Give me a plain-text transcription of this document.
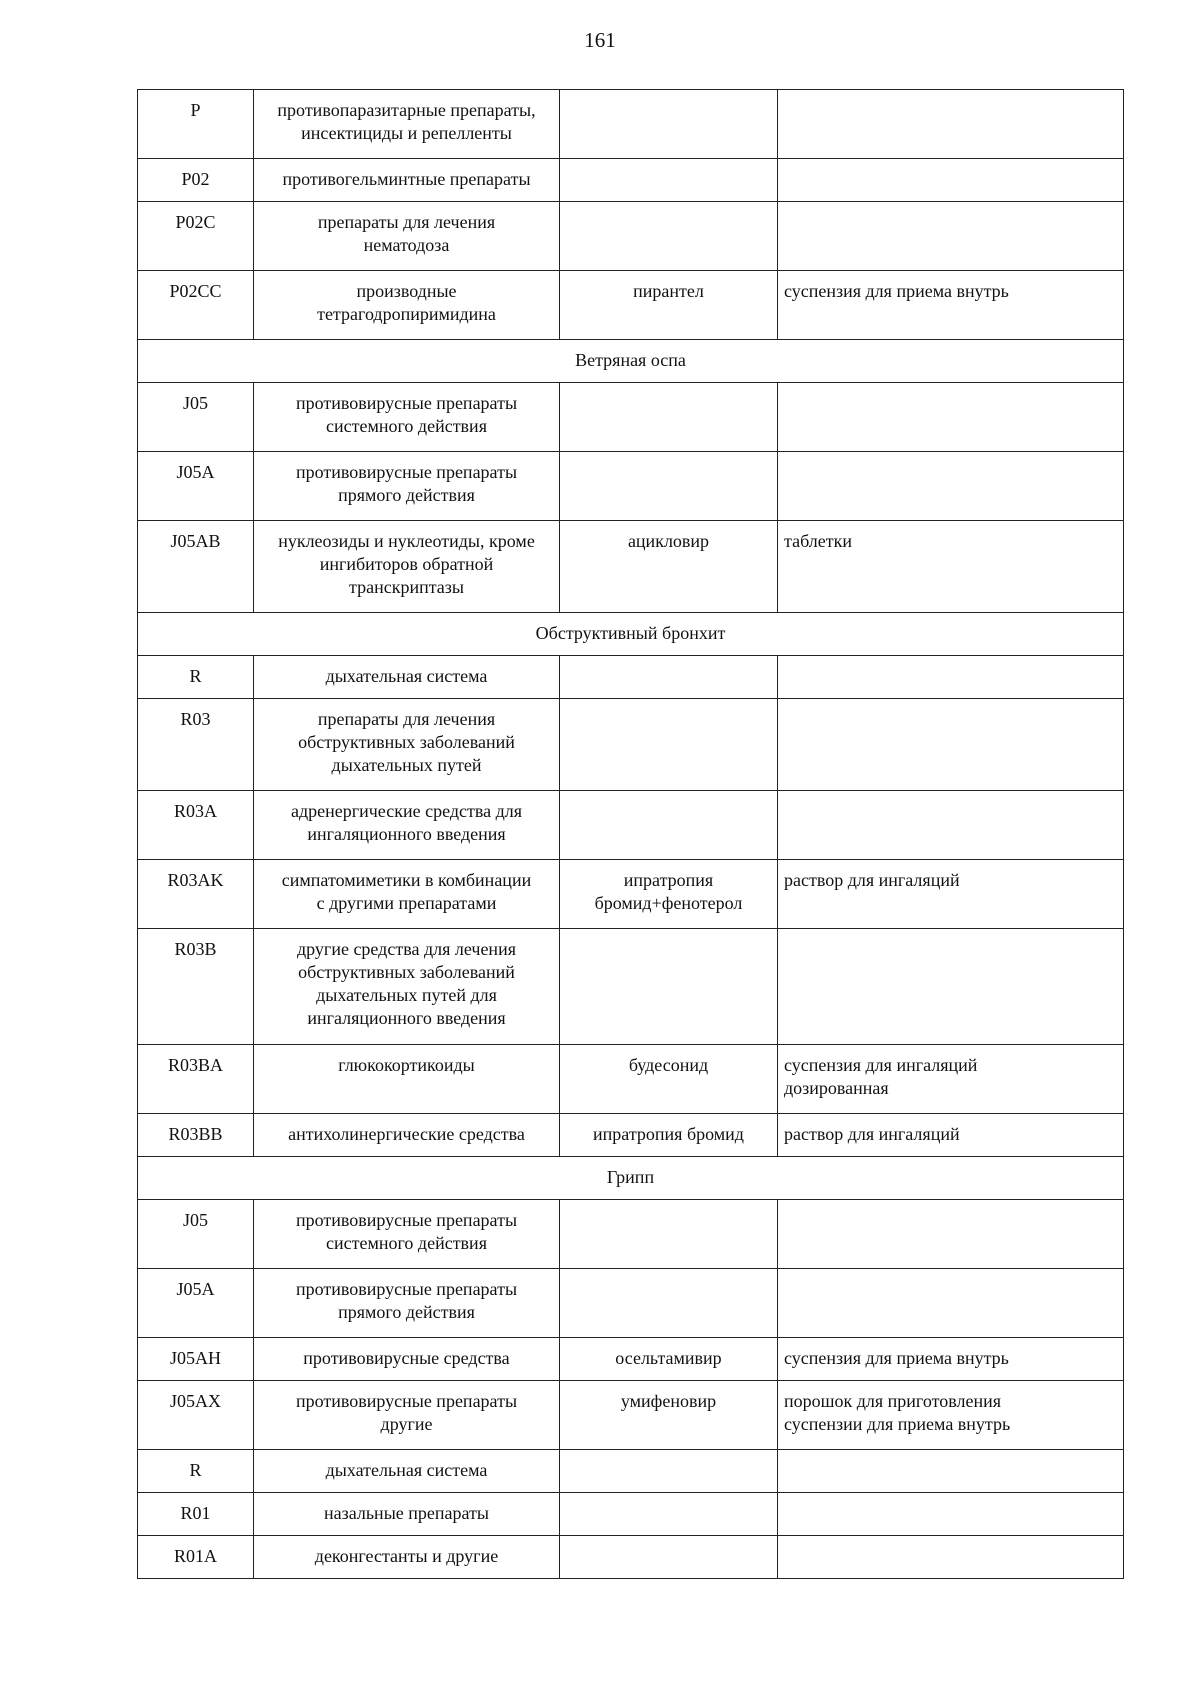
161
P	противопаразитарные препараты,
инсектициды и репелленты		
P02	противогельминтные препараты		
P02C	препараты для лечения
нематодоза		
P02CC	производные
тетрагодропиримидина	пирантел	суспензия для приема внутрь
Ветряная оспа			
J05	противовирусные препараты
системного действия		
J05A	противовирусные препараты
прямого действия		
J05AB	нуклеозиды и нуклеотиды, кроме
ингибиторов обратной
транскриптазы	ацикловир	таблетки
Обструктивный бронхит			
R	дыхательная система		
R03	препараты для лечения
обструктивных заболеваний
дыхательных путей		
R03A	адренергические средства для
ингаляционного введения		
R03AK	симпатомиметики в комбинации
с другими препаратами	ипратропия
бромид+фенотерол	раствор для ингаляций
R03B	другие средства для лечения
обструктивных заболеваний
дыхательных путей для
ингаляционного введения		
R03BA	глюкокортикоиды	будесонид	суспензия для ингаляций
дозированная
R03BB	антихолинергические средства	ипратропия бромид	раствор для ингаляций
Грипп			
J05	противовирусные препараты
системного действия		
J05A	противовирусные препараты
прямого действия		
J05AH	противовирусные средства	осельтамивир	суспензия для приема внутрь
J05AX	противовирусные препараты
другие	умифеновир	порошок для приготовления
суспензии для приема внутрь
R	дыхательная система		
R01	назальные препараты		
R01A	деконгестанты и другие		
